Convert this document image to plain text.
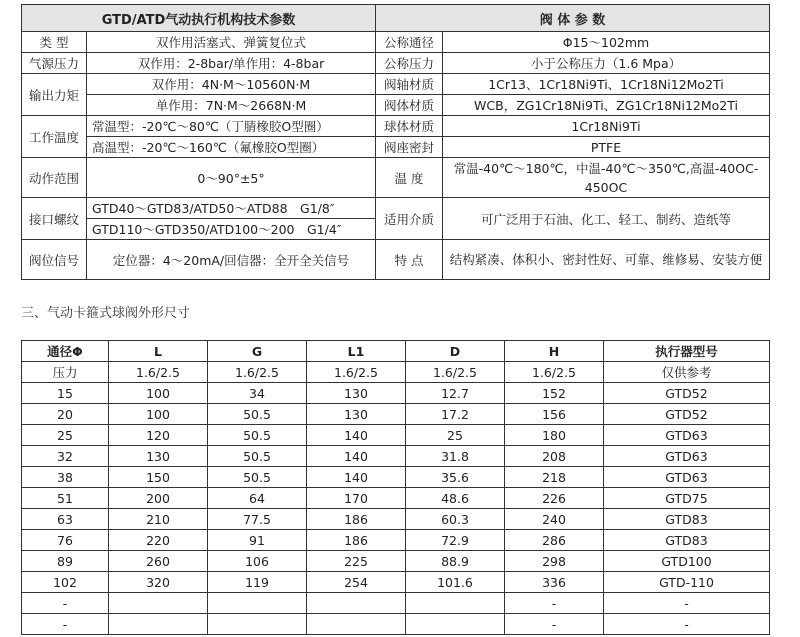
GTD/ATD气动执行机构技术参数		阀 体 参 数	
类 型	双作用活塞式、弹簧复位式	公称通径	Φ15～102mm
气源压力	双作用：2-8bar/单作用：4-8bar	公称压力	小于公称压力（1.6 Mpa）
输出力矩	双作用：4N·M～10560N·M	阀轴材质	1Cr13、1Cr18Ni9Ti、1Cr18Ni12Mo2Ti
	单作用：7N·M～2668N·M	阀体材质	WCB，ZG1Cr18Ni9Ti、ZG1Cr18Ni12Mo2Ti
工作温度	常温型：-20℃～80℃（丁腈橡胶O型圈）	球体材质	1Cr18Ni9Ti
	高温型：-20℃～160℃（氟橡胶O型圈）	阀座密封	PTFE
动作范围	0～90°±5°	温 度	常温-40℃～180℃，中温-40℃～350℃,高温-40OC-450OC
接口螺纹	GTD40～GTD83/ATD50～ATD88　G1/8″	适用介质	可广泛用于石油、化工、轻工、制药、造纸等
	GTD110～GTD350/ATD100～200　G1/4″		
阀位信号	定位器：4～20mA/回信器：全开全关信号	特 点	结构紧凑、体积小、密封性好、可靠、维修易、安装方便
三、气动卡箍式球阀外形尺寸
通径Φ	L	G	L1	D	H	执行器型号
压力	1.6/2.5	1.6/2.5	1.6/2.5	1.6/2.5	1.6/2.5	仅供参考
15	100	34	130	12.7	152	GTD52
20	100	50.5	130	17.2	156	GTD52
25	120	50.5	140	25	180	GTD63
32	130	50.5	140	31.8	208	GTD63
38	150	50.5	140	35.6	218	GTD63
51	200	64	170	48.6	226	GTD75
63	210	77.5	186	60.3	240	GTD83
76	220	91	186	72.9	286	GTD83
89	260	106	225	88.9	298	GTD100
102	320	119	254	101.6	336	GTD-110
-					-	-
-					-	-
